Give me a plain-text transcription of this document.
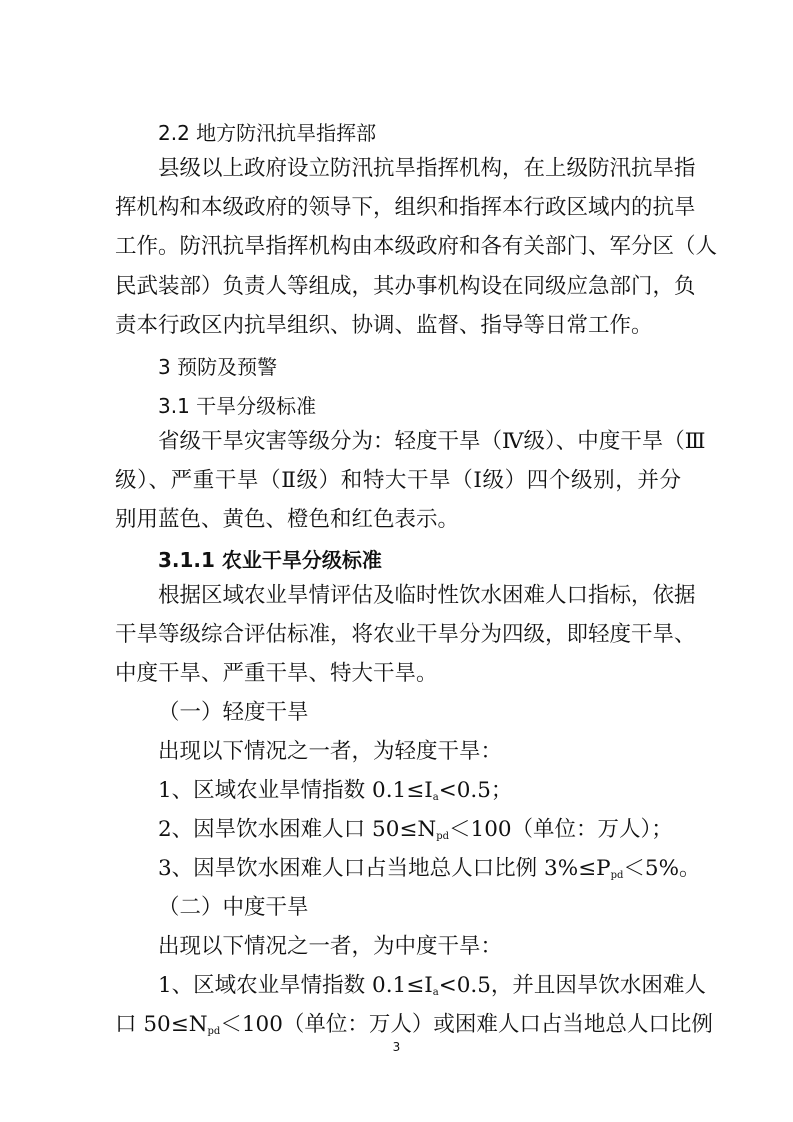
2.2 地方防汛抗旱指挥部
县级以上政府设立防汛抗旱指挥机构，在上级防汛抗旱指
挥机构和本级政府的领导下，组织和指挥本行政区域内的抗旱
工作。防汛抗旱指挥机构由本级政府和各有关部门、军分区（人
民武装部）负责人等组成，其办事机构设在同级应急部门，负
责本行政区内抗旱组织、协调、监督、指导等日常工作。
3 预防及预警
3.1 干旱分级标准
省级干旱灾害等级分为：轻度干旱（Ⅳ级）、中度干旱（Ⅲ
级）、严重干旱（Ⅱ级）和特大干旱（Ⅰ级）四个级别，并分
别用蓝色、黄色、橙色和红色表示。
3.1.1 农业干旱分级标准
根据区域农业旱情评估及临时性饮水困难人口指标，依据
干旱等级综合评估标准，将农业干旱分为四级，即轻度干旱、
中度干旱、严重干旱、特大干旱。
（一）轻度干旱
出现以下情况之一者，为轻度干旱：
1、区域农业旱情指数 $0.1\le I_a<0.5$；
2、因旱饮水困难人口 $50\le N_{pd}<100$（单位：万人）；
3、因旱饮水困难人口占当地总人口比例 $3\%\le P_{pd}<5\%$。
（二）中度干旱
出现以下情况之一者，为中度干旱：
1、区域农业旱情指数 $0.1\le I_a<0.5$，并且因旱饮水困难人
口 $50\le N_{pd}<100$（单位：万人）或困难人口占当地总人口比例
3
